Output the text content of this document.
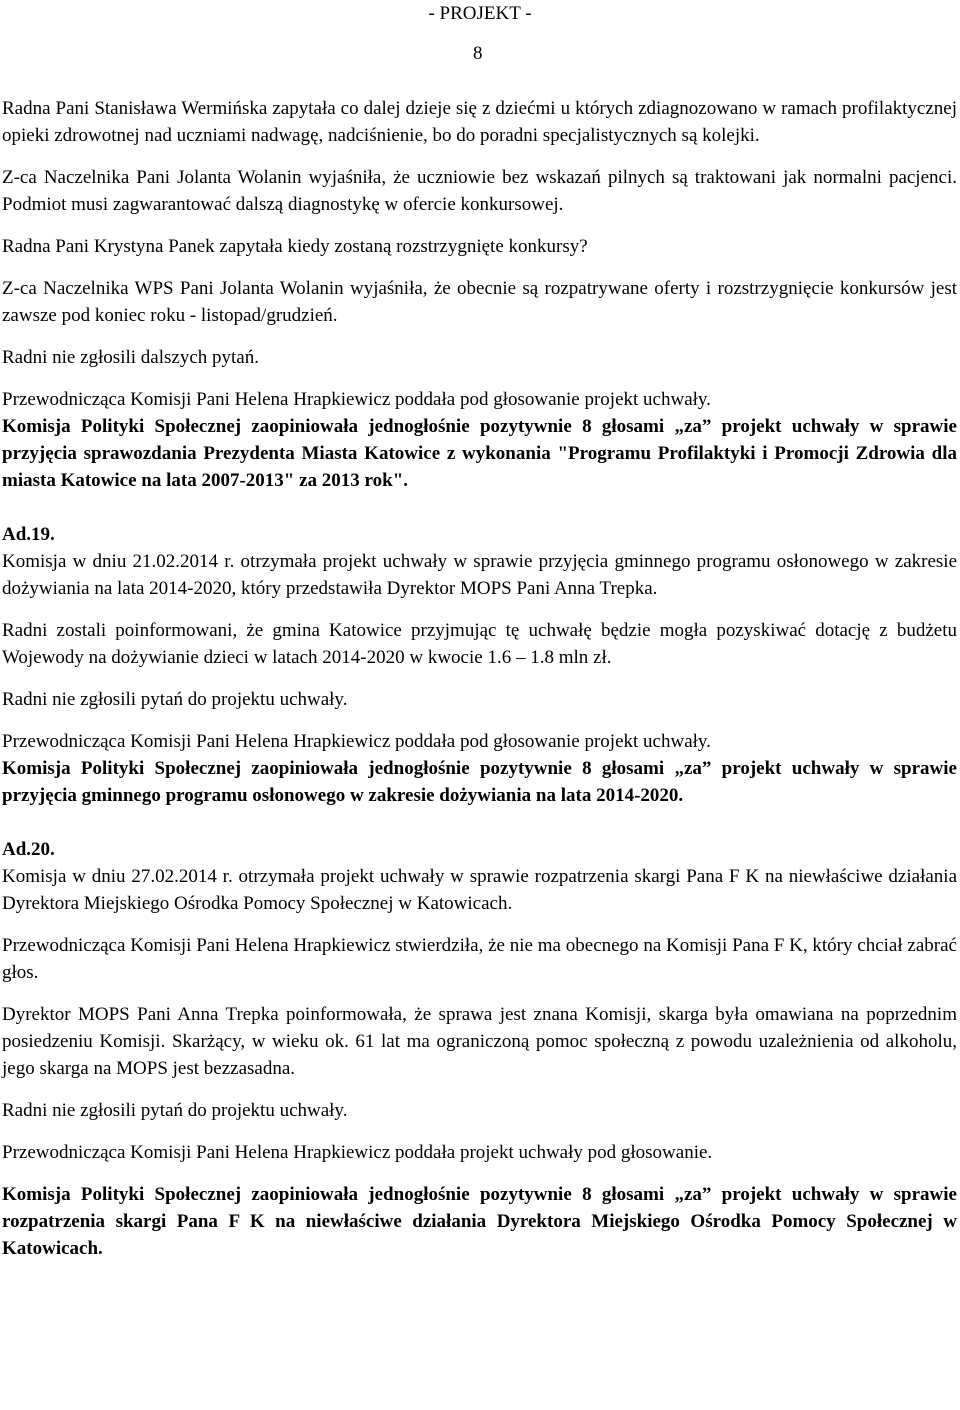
- PROJEKT -
8

Radna Pani Stanisława Wermińska zapytała co dalej dzieje się z dziećmi u których zdiagnozowano w ramach profilaktycznej opieki zdrowotnej nad uczniami nadwagę, nadciśnienie, bo do poradni specjalistycznych są kolejki.

Z-ca Naczelnika Pani Jolanta Wolanin wyjaśniła, że uczniowie bez wskazań pilnych są traktowani jak normalni pacjenci. Podmiot musi zagwarantować dalszą diagnostykę w ofercie konkursowej.

Radna Pani Krystyna Panek zapytała kiedy zostaną rozstrzygnięte konkursy?

Z-ca Naczelnika WPS Pani Jolanta Wolanin wyjaśniła, że obecnie są rozpatrywane oferty i rozstrzygnięcie konkursów jest zawsze pod koniec roku - listopad/grudzień.

Radni nie zgłosili dalszych pytań.

Przewodnicząca Komisji Pani Helena Hrapkiewicz poddała pod głosowanie projekt uchwały.

Komisja Polityki Społecznej zaopiniowała jednogłośnie pozytywnie 8 głosami „za” projekt uchwały w sprawie przyjęcia sprawozdania Prezydenta Miasta Katowice z wykonania "Programu Profilaktyki i Promocji Zdrowia dla miasta Katowice na lata 2007-2013" za 2013 rok".

Ad.19.

Komisja w dniu 21.02.2014 r. otrzymała projekt uchwały w sprawie przyjęcia gminnego programu osłonowego w zakresie dożywiania na lata 2014-2020, który przedstawiła Dyrektor MOPS Pani Anna Trepka.

Radni zostali poinformowani, że gmina Katowice przyjmując tę uchwałę będzie mogła pozyskiwać dotację z budżetu Wojewody na dożywianie dzieci w latach 2014-2020 w kwocie 1.6 – 1.8 mln zł.

Radni nie zgłosili pytań do projektu uchwały.

Przewodnicząca Komisji Pani Helena Hrapkiewicz poddała pod głosowanie projekt uchwały.

Komisja Polityki Społecznej zaopiniowała jednogłośnie pozytywnie 8 głosami „za” projekt uchwały w sprawie przyjęcia gminnego programu osłonowego w zakresie dożywiania na lata 2014-2020.

Ad.20.

Komisja w dniu 27.02.2014 r. otrzymała projekt uchwały w sprawie rozpatrzenia skargi Pana F K na niewłaściwe działania Dyrektora Miejskiego Ośrodka Pomocy Społecznej w Katowicach.

Przewodnicząca Komisji Pani Helena Hrapkiewicz stwierdziła, że nie ma obecnego na Komisji Pana F K, który chciał zabrać głos.

Dyrektor MOPS Pani Anna Trepka poinformowała, że sprawa jest znana Komisji, skarga była omawiana na poprzednim posiedzeniu Komisji. Skarżący, w wieku ok. 61 lat ma ograniczoną pomoc społeczną z powodu uzależnienia od alkoholu, jego skarga na MOPS jest bezzasadna.

Radni nie zgłosili pytań do projektu uchwały.

Przewodnicząca Komisji Pani Helena Hrapkiewicz poddała projekt uchwały pod głosowanie.

Komisja Polityki Społecznej zaopiniowała jednogłośnie pozytywnie 8 głosami „za” projekt uchwały w sprawie rozpatrzenia skargi Pana F K na niewłaściwe działania Dyrektora Miejskiego Ośrodka Pomocy Społecznej w Katowicach.
